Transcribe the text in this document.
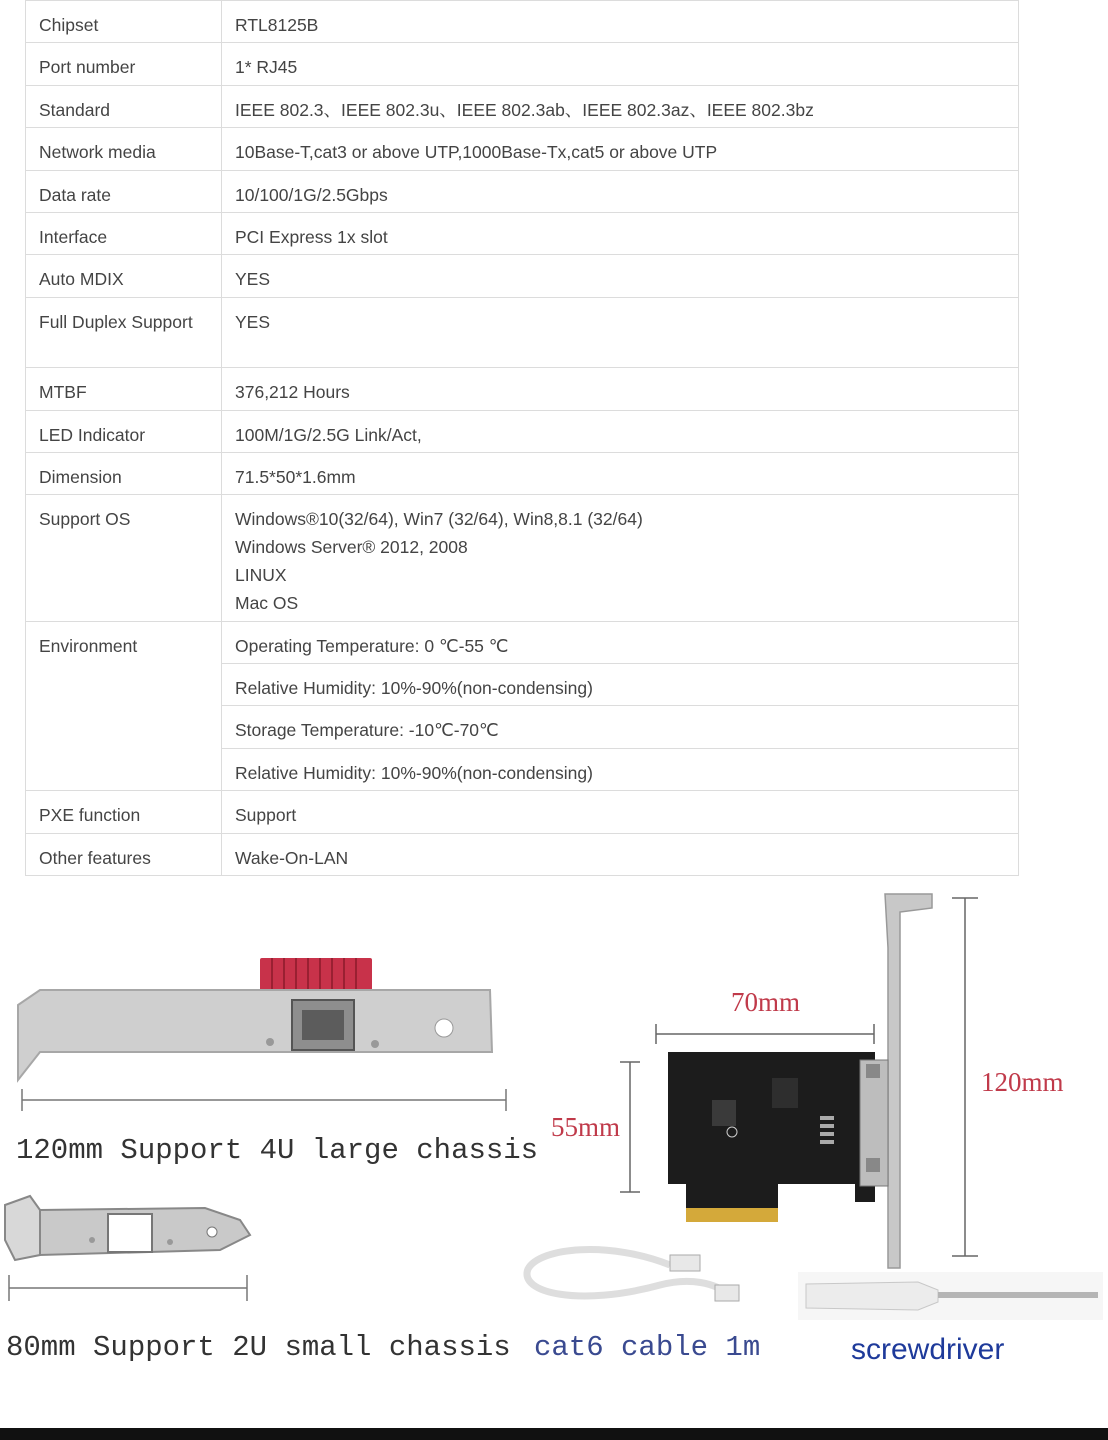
Chipset	RTL8125B

Port number	1* RJ45

Standard	IEEE 802.3、IEEE 802.3u、IEEE 802.3ab、IEEE 802.3az、IEEE 802.3bz

Network media	10Base-T,cat3 or above UTP,1000Base-Tx,cat5 or above UTP

Data rate	10/100/1G/2.5Gbps

Interface	PCI Express 1x slot

Auto MDIX	YES

Full Duplex Support	YES

MTBF	376,212 Hours

LED Indicator	100M/1G/2.5G Link/Act,

Dimension	71.5*50*1.6mm

Support OS	Windows®10(32/64), Win7 (32/64), Win8,8.1 (32/64)
Windows Server® 2012, 2008
LINUX
Mac OS

Environment	Operating Temperature: 0 ℃-55 ℃
	Relative Humidity: 10%-90%(non-condensing)
	Storage Temperature: -10℃-70℃
	Relative Humidity: 10%-90%(non-condensing)
PXE function	Support
Other features	Wake-On-LAN
120mm Support 4U large chassis
80mm Support 2U small chassis
70mm
55mm
120mm
cat6 cable 1m	screwdriver
